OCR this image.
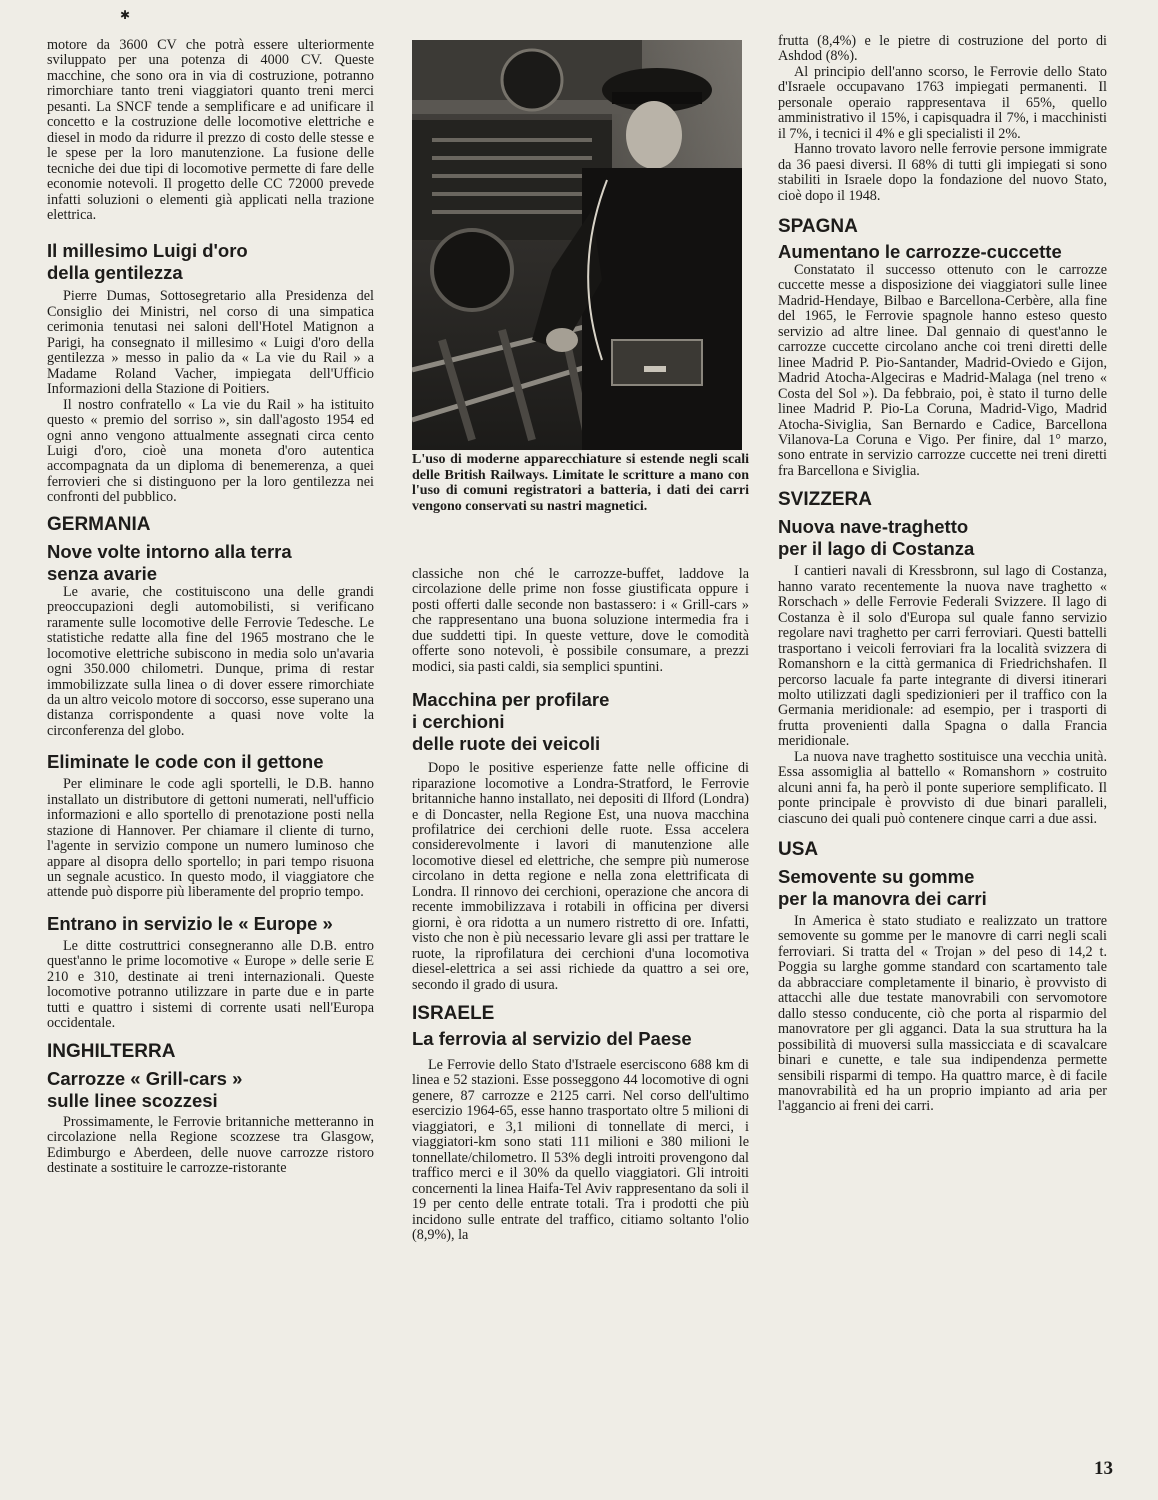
✱

motore da 3600 CV che potrà essere ulteriormente sviluppato per una potenza di 4000 CV. Queste macchine, che sono ora in via di costruzione, potranno rimorchiare tanto treni viaggiatori quanto treni merci pesanti. La SNCF tende a semplificare e ad unificare il concetto e la costruzione delle locomotive elettriche e diesel in modo da ridurre il prezzo di costo delle stesse e le spese per la loro manutenzione. La fusione delle tecniche dei due tipi di locomotive permette di fare delle economie notevoli. Il progetto delle CC 72000 prevede infatti soluzioni o elementi già applicati nella trazione elettrica.

Il millesimo Luigi d'oro
della gentilezza

Pierre Dumas, Sottosegretario alla Presidenza del Consiglio dei Ministri, nel corso di una simpatica cerimonia tenutasi nei saloni dell'Hotel Matignon a Parigi, ha consegnato il millesimo « Luigi d'oro della gentilezza » messo in palio da « La vie du Rail » a Madame Roland Vacher, impiegata dell'Ufficio Informazioni della Stazione di Poitiers.

Il nostro confratello « La vie du Rail » ha istituito questo « premio del sorriso », sin dall'agosto 1954 ed ogni anno vengono attualmente assegnati circa cento Luigi d'oro, cioè una moneta d'oro autentica accompagnata da un diploma di benemerenza, a quei ferrovieri che si distinguono per la loro gentilezza nei confronti del pubblico.

GERMANIA
Nove volte intorno alla terra
senza avarie

Le avarie, che costituiscono una delle grandi preoccupazioni degli automobilisti, si verificano raramente sulle locomotive delle Ferrovie Tedesche. Le statistiche redatte alla fine del 1965 mostrano che le locomotive elettriche subiscono in media solo un'avaria ogni 350.000 chilometri. Dunque, prima di restar immobilizzate sulla linea o di dover essere rimorchiate da un altro veicolo motore di soccorso, esse superano una distanza corrispondente a quasi nove volte la circonferenza del globo.

Eliminate le code con il gettone

Per eliminare le code agli sportelli, le D.B. hanno installato un distributore di gettoni numerati, nell'ufficio informazioni e allo sportello di prenotazione posti nella stazione di Hannover. Per chiamare il cliente di turno, l'agente in servizio compone un numero luminoso che appare al disopra dello sportello; in pari tempo risuona un segnale acustico. In questo modo, il viaggiatore che attende può disporre più liberamente del proprio tempo.

Entrano in servizio le « Europe »

Le ditte costruttrici consegneranno alle D.B. entro quest'anno le prime locomotive « Europe » delle serie E 210 e 310, destinate ai treni internazionali. Queste locomotive potranno utilizzare in parte due e in parte tutti e quattro i sistemi di corrente usati nell'Europa occidentale.

INGHILTERRA
Carrozze « Grill-cars »
sulle linee scozzesi

Prossimamente, le Ferrovie britanniche metteranno in circolazione nella Regione scozzese tra Glasgow, Edimburgo e Aberdeen, delle nuove carrozze ristoro destinate a sostituire le carrozze-ristorante

L'uso di moderne apparecchiature si estende negli scali delle British Railways. Limitate le scritture a mano con l'uso di comuni registratori a batteria, i dati dei carri vengono conservati su nastri magnetici.

classiche non ché le carrozze-buffet, laddove la circolazione delle prime non fosse giustificata oppure i posti offerti dalle seconde non bastassero: i « Grill-cars » che rappresentano una buona soluzione intermedia fra i due suddetti tipi. In queste vetture, dove le comodità offerte sono notevoli, è possibile consumare, a prezzi modici, sia pasti caldi, sia semplici spuntini.

Macchina per profilare
i cerchioni
delle ruote dei veicoli

Dopo le positive esperienze fatte nelle officine di riparazione locomotive a Londra-Stratford, le Ferrovie britanniche hanno installato, nei depositi di Ilford (Londra) e di Doncaster, nella Regione Est, una nuova macchina profilatrice dei cerchioni delle ruote. Essa accelera considerevolmente i lavori di manutenzione alle locomotive diesel ed elettriche, che sempre più numerose circolano in detta regione e nella zona elettrificata di Londra. Il rinnovo dei cerchioni, operazione che ancora di recente immobilizzava i rotabili in officina per diversi giorni, è ora ridotta a un numero ristretto di ore. Infatti, visto che non è più necessario levare gli assi per trattare le ruote, la riprofilatura dei cerchioni d'una locomotiva diesel-elettrica a sei assi richiede da quattro a sei ore, secondo il grado di usura.

ISRAELE
La ferrovia al servizio del Paese

Le Ferrovie dello Stato d'Istraele eserciscono 688 km di linea e 52 stazioni. Esse posseggono 44 locomotive di ogni genere, 87 carrozze e 2125 carri. Nel corso dell'ultimo esercizio 1964-65, esse hanno trasportato oltre 5 milioni di viaggiatori, e 3,1 milioni di tonnellate di merci, i viaggiatori-km sono stati 111 milioni e 380 milioni le tonnellate/chilometro. Il 53% degli introiti provengono dal traffico merci e il 30% da quello viaggiatori. Gli introiti concernenti la linea Haifa-Tel Aviv rappresentano da soli il 19 per cento delle entrate totali. Tra i prodotti che più incidono sulle entrate del traffico, citiamo soltanto l'olio (8,9%), la

frutta (8,4%) e le pietre di costruzione del porto di Ashdod (8%).

Al principio dell'anno scorso, le Ferrovie dello Stato d'Israele occupavano 1763 impiegati permanenti. Il personale operaio rappresentava il 65%, quello amministrativo il 15%, i capisquadra il 7%, i macchinisti il 7%, i tecnici il 4% e gli specialisti il 2%.

Hanno trovato lavoro nelle ferrovie persone immigrate da 36 paesi diversi. Il 68% di tutti gli impiegati si sono stabiliti in Israele dopo la fondazione del nuovo Stato, cioè dopo il 1948.

SPAGNA
Aumentano le carrozze-cuccette

Constatato il successo ottenuto con le carrozze cuccette messe a disposizione dei viaggiatori sulle linee Madrid-Hendaye, Bilbao e Barcellona-Cerbère, alla fine del 1965, le Ferrovie spagnole hanno esteso questo servizio ad altre linee. Dal gennaio di quest'anno le carrozze cuccette circolano anche coi treni diretti delle linee Madrid P. Pio-Santander, Madrid-Oviedo e Gijon, Madrid Atocha-Algeciras e Madrid-Malaga (nel treno « Costa del Sol »). Da febbraio, poi, è stato il turno delle linee Madrid P. Pio-La Coruna, Madrid-Vigo, Madrid Atocha-Siviglia, San Bernardo e Cadice, Barcellona Vilanova-La Coruna e Vigo. Per finire, dal 1° marzo, sono entrate in servizio carrozze cuccette nei treni diretti fra Barcellona e Siviglia.

SVIZZERA
Nuova nave-traghetto
per il lago di Costanza

I cantieri navali di Kressbronn, sul lago di Costanza, hanno varato recentemente la nuova nave traghetto « Rorschach » delle Ferrovie Federali Svizzere. Il lago di Costanza è il solo d'Europa sul quale fanno servizio regolare navi traghetto per carri ferroviari. Questi battelli trasportano i veicoli ferroviari fra la località svizzera di Romanshorn e la città germanica di Friedrichshafen. Il percorso lacuale fa parte integrante di diversi itinerari molto utilizzati dagli spedizionieri per il traffico con la Germania meridionale: ad esempio, per i trasporti di frutta provenienti dalla Spagna o dalla Francia meridionale.

La nuova nave traghetto sostituisce una vecchia unità. Essa assomiglia al battello « Romanshorn » costruito alcuni anni fa, ha però il ponte superiore semplificato. Il ponte principale è provvisto di due binari paralleli, ciascuno dei quali può contenere cinque carri a due assi.

USA
Semovente su gomme
per la manovra dei carri

In America è stato studiato e realizzato un trattore semovente su gomme per le manovre di carri negli scali ferroviari. Si tratta del « Trojan » del peso di 14,2 t. Poggia su larghe gomme standard con scartamento tale da abbracciare completamente il binario, è provvisto di attacchi alle due testate manovrabili con servomotore dallo stesso conducente, ciò che porta al risparmio del manovratore per gli agganci. Data la sua struttura ha la possibilità di muoversi sulla massicciata e di scavalcare binari e cunette, e tale sua indipendenza permette sensibili risparmi di tempo. Ha quattro marce, è di facile manovrabilità ed ha un proprio impianto ad aria per l'aggancio ai freni dei carri.

13
